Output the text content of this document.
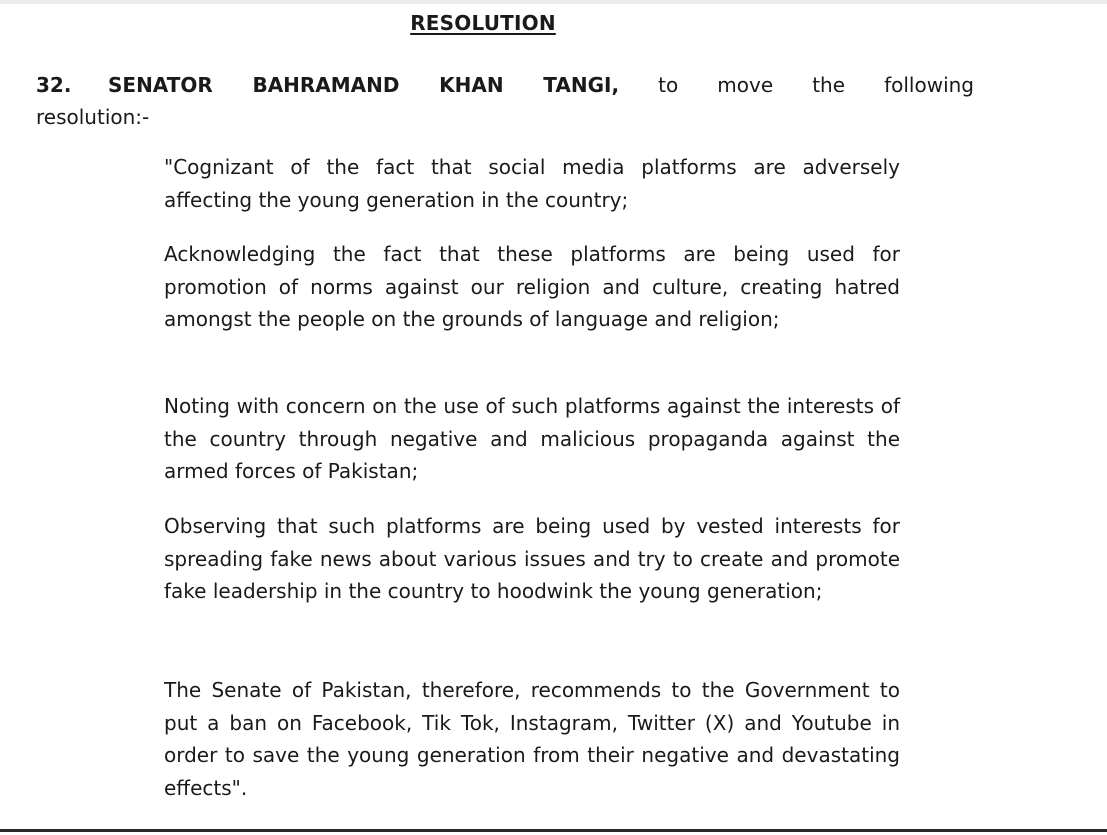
RESOLUTION
32. SENATOR BAHRAMAND KHAN TANGI, to move the following
resolution:-
"Cognizant of the fact that social media platforms are adversely affecting the young generation in the country;
Acknowledging the fact that these platforms are being used for promotion of norms against our religion and culture, creating hatred amongst the people on the grounds of language and religion;
Noting with concern on the use of such platforms against the interests of the country through negative and malicious propaganda against the armed forces of Pakistan;
Observing that such platforms are being used by vested interests for spreading fake news about various issues and try to create and promote fake leadership in the country to hoodwink the young generation;
The Senate of Pakistan, therefore, recommends to the Government to put a ban on Facebook, Tik Tok, Instagram, Twitter (X) and Youtube in order to save the young generation from their negative and devastating effects".
